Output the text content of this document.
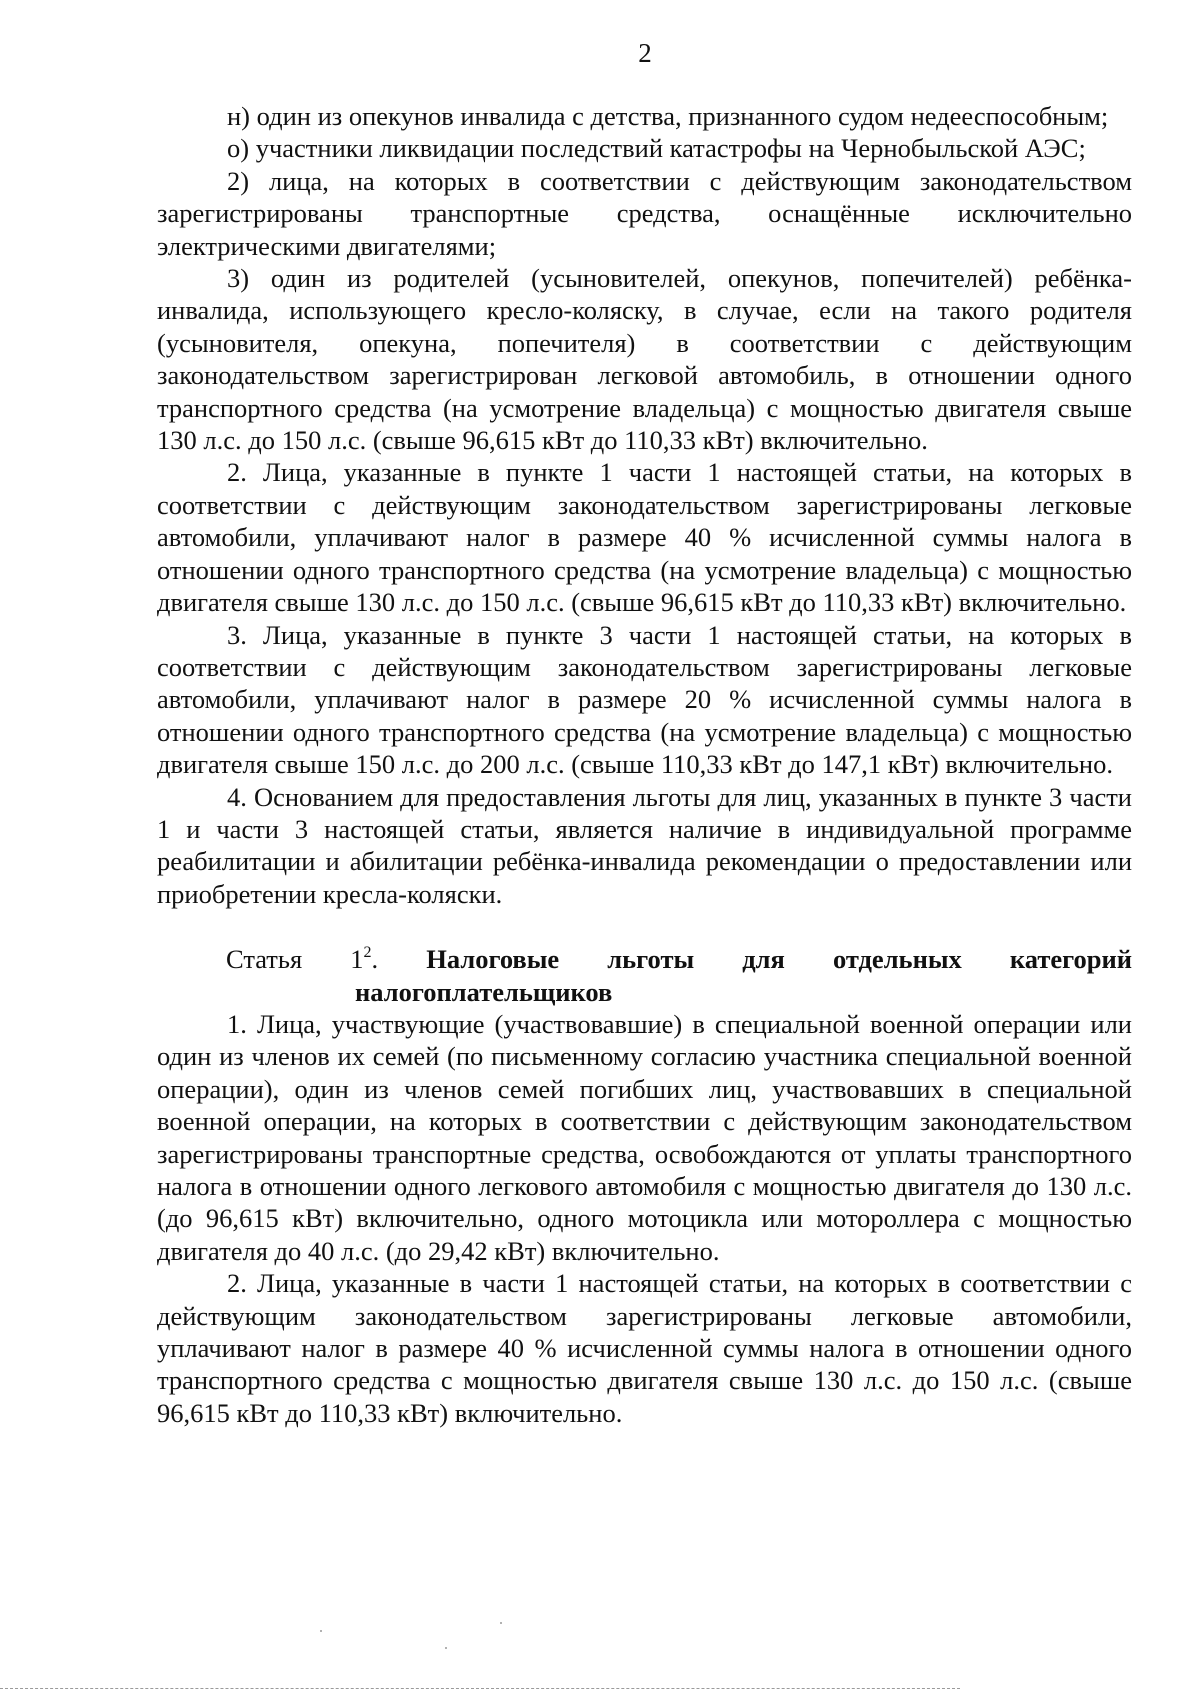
2

н) один из опекунов инвалида с детства, признанного судом недееспособным;

о) участники ликвидации последствий катастрофы на Чернобыльской АЭС;

2) лица, на которых в соответствии с действующим законодательством зарегистрированы транспортные средства, оснащённые исключительно электрическими двигателями;

3) один из родителей (усыновителей, опекунов, попечителей) ребёнка-инвалида, использующего кресло-коляску, в случае, если на такого родителя (усыновителя, опекуна, попечителя) в соответствии с действующим законодательством зарегистрирован легковой автомобиль, в отношении одного транспортного средства (на усмотрение владельца) с мощностью двигателя свыше 130 л.с. до 150 л.с. (свыше 96,615 кВт до 110,33 кВт) включительно.

2. Лица, указанные в пункте 1 части 1 настоящей статьи, на которых в соответствии с действующим законодательством зарегистрированы легковые автомобили, уплачивают налог в размере 40 % исчисленной суммы налога в отношении одного транспортного средства (на усмотрение владельца) с мощностью двигателя свыше 130 л.с. до 150 л.с. (свыше 96,615 кВт до 110,33 кВт) включительно.

3. Лица, указанные в пункте 3 части 1 настоящей статьи, на которых в соответствии с действующим законодательством зарегистрированы легковые автомобили, уплачивают налог в размере 20 % исчисленной суммы налога в отношении одного транспортного средства (на усмотрение владельца) с мощностью двигателя свыше 150 л.с. до 200 л.с. (свыше 110,33 кВт до 147,1 кВт) включительно.

4. Основанием для предоставления льготы для лиц, указанных в пункте 3 части 1 и части 3 настоящей статьи, является наличие в индивидуальной программе реабилитации и абилитации ребёнка-инвалида рекомендации о предоставлении или приобретении кресла-коляски.

Статья $1^2$. Налоговые льготы для отдельных категорий налогоплательщиков

1. Лица, участвующие (участвовавшие) в специальной военной операции или один из членов их семей (по письменному согласию участника специальной военной операции), один из членов семей погибших лиц, участвовавших в специальной военной операции, на которых в соответствии с действующим законодательством зарегистрированы транспортные средства, освобождаются от уплаты транспортного налога в отношении одного легкового автомобиля с мощностью двигателя до 130 л.с. (до 96,615 кВт) включительно, одного мотоцикла или мотороллера с мощностью двигателя до 40 л.с. (до 29,42 кВт) включительно.

2. Лица, указанные в части 1 настоящей статьи, на которых в соответствии с действующим законодательством зарегистрированы легковые автомобили, уплачивают налог в размере 40 % исчисленной суммы налога в отношении одного транспортного средства с мощностью двигателя свыше 130 л.с. до 150 л.с. (свыше 96,615 кВт до 110,33 кВт) включительно.
